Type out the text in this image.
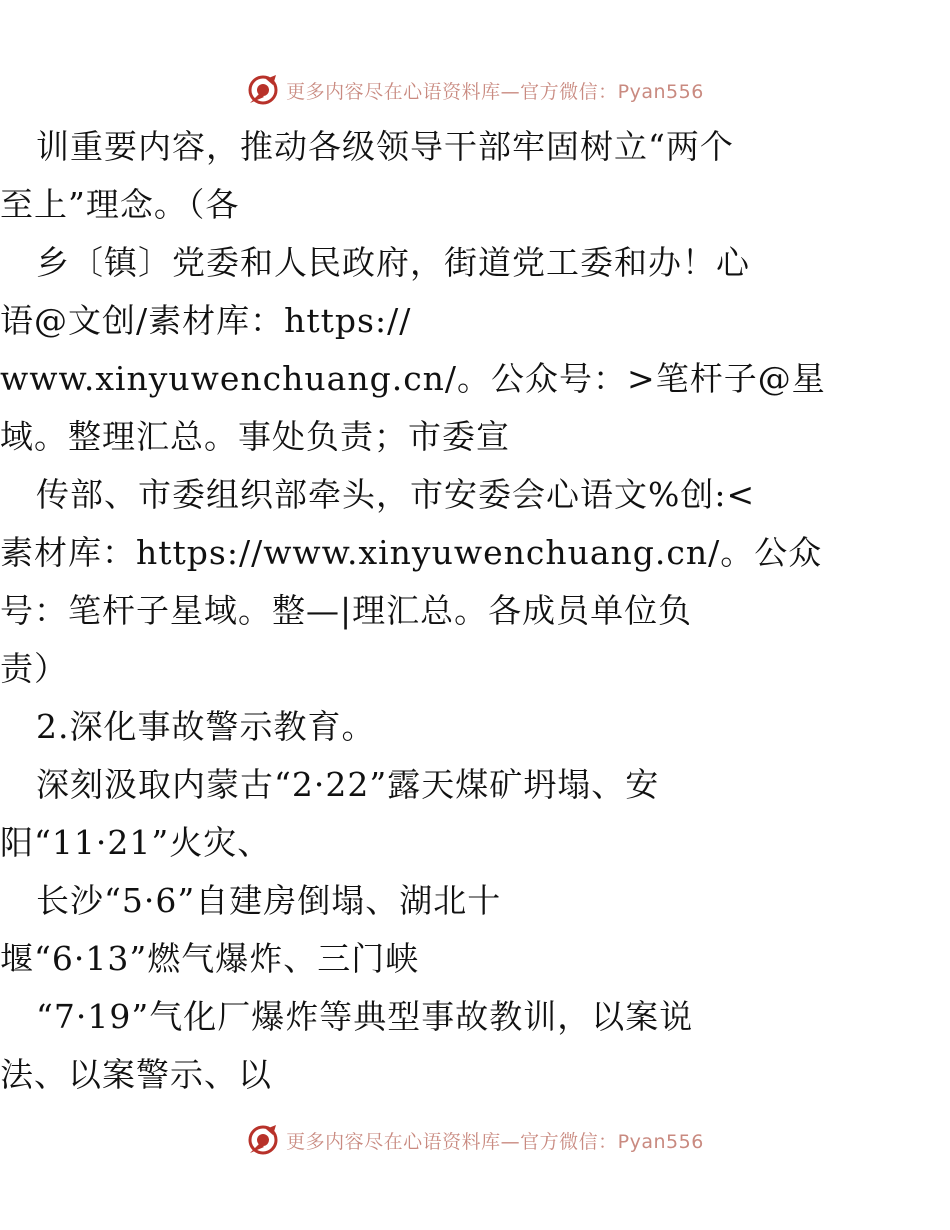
更多内容尽在心语资料库—官方微信：Pyan556
训重要内容，推动各级领导干部牢固树立“两个
至上”理念。（各
乡〔镇〕党委和人民政府，街道党工委和办！心
语@文创/素材库：https://
www.xinyuwenchuang.cn/。公众号：>笔杆子@星
域。整理汇总。事处负责；市委宣
传部、市委组织部牵头，市安委会心语文%创:<
素材库：https://www.xinyuwenchuang.cn/。公众
号：笔杆子星域。整—|理汇总。各成员单位负
责）
2.深化事故警示教育。
深刻汲取内蒙古“2·22”露天煤矿坍塌、安
阳“11·21”火灾、
长沙“5·6”自建房倒塌、湖北十
堰“6·13”燃气爆炸、三门峡
“7·19”气化厂爆炸等典型事故教训，以案说
法、以案警示、以
更多内容尽在心语资料库—官方微信：Pyan556
